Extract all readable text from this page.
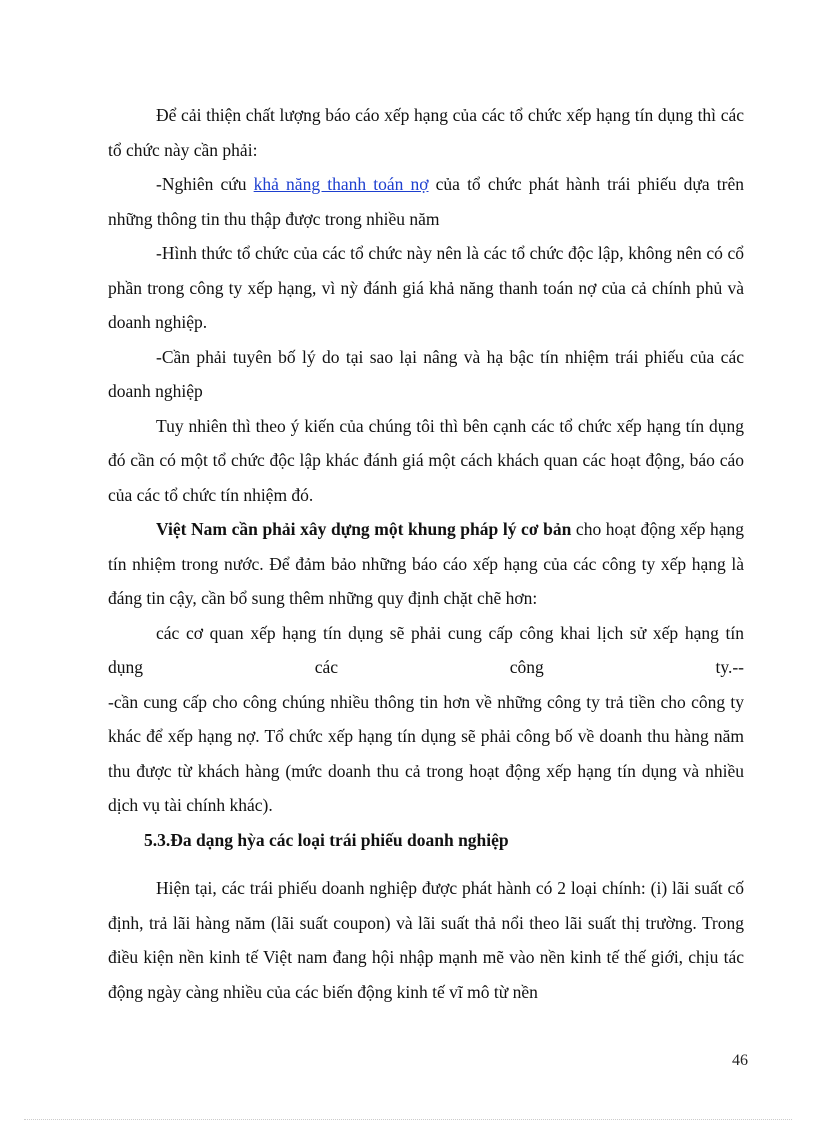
Để cải thiện chất lượng báo cáo xếp hạng của các tổ chức xếp hạng tín dụng thì các tổ chức này cần phải:

-Nghiên cứu khả năng thanh toán nợ của tổ chức phát hành trái phiếu dựa trên những thông tin thu thập được trong nhiều năm

-Hình thức tổ chức của các tổ chức này nên là các tổ chức độc lập, không nên có cổ phần trong công ty xếp hạng, vì nỳ đánh giá khả năng thanh toán nợ của cả chính phủ và doanh nghiệp.

-Cần phải tuyên bố lý do tại sao lại nâng và hạ bậc tín nhiệm trái phiếu của các doanh nghiệp

Tuy nhiên thì theo ý kiến của chúng tôi thì bên cạnh các tổ chức xếp hạng tín dụng đó cần có một tổ chức độc lập khác đánh giá một cách khách quan các hoạt động, báo cáo của các tổ chức tín nhiệm đó.

Việt Nam cần phải xây dựng một khung pháp lý cơ bản cho hoạt động xếp hạng tín nhiệm trong nước. Để đảm bảo những báo cáo xếp hạng của các công ty xếp hạng là đáng tin cậy, cần bổ sung thêm những quy định chặt chẽ hơn:

các cơ quan xếp hạng tín dụng sẽ phải cung cấp công khai lịch sử xếp hạng tín dụng các công ty.--

-cần cung cấp cho công chúng nhiều thông tin hơn về những công ty trả tiền cho công ty khác để xếp hạng nợ. Tổ chức xếp hạng tín dụng sẽ phải công bố về doanh thu hàng năm thu được từ khách hàng (mức doanh thu cả trong hoạt động xếp hạng tín dụng và nhiều dịch vụ tài chính khác).

5.3.Đa dạng hỳa các loại trái phiếu doanh nghiệp

Hiện tại, các trái phiếu doanh nghiệp được phát hành có 2 loại chính: (i) lãi suất cố định, trả lãi hàng năm (lãi suất coupon) và lãi suất thả nổi theo lãi suất thị trường. Trong điều kiện nền kinh tế Việt nam đang hội nhập mạnh mẽ vào nền kinh tế thế giới, chịu tác động ngày càng nhiều của các biến động kinh tế vĩ mô từ nền

46
